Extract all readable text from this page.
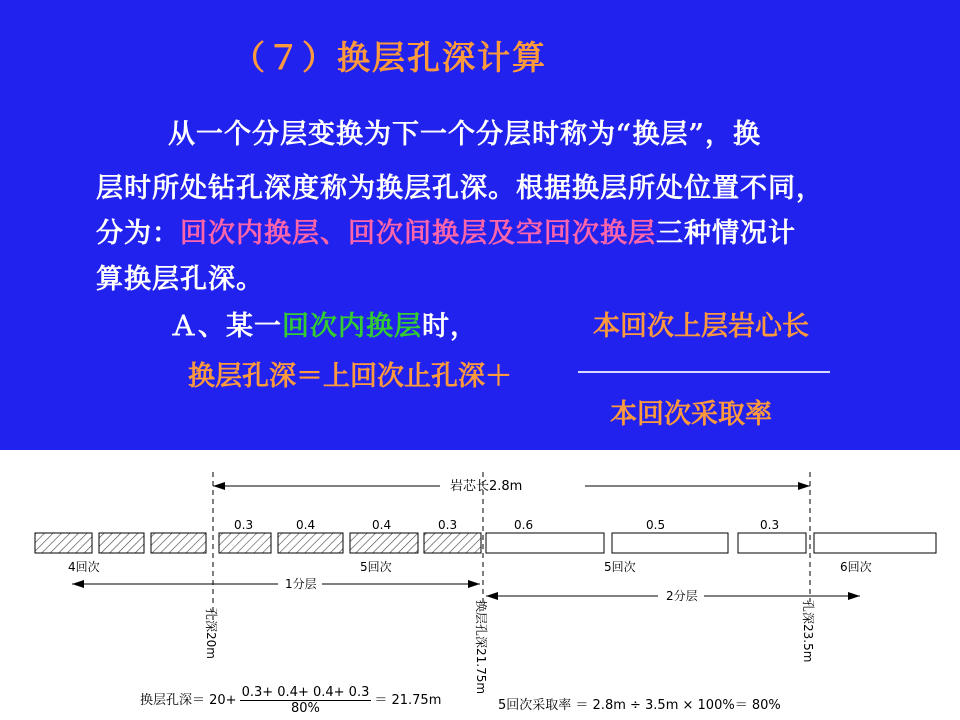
（７）换层孔深计算
从一个分层变换为下一个分层时称为“换层”，换
层时所处钻孔深度称为换层孔深。根据换层所处位置不同，
分为：回次内换层、回次间换层及空回次换层三种情况计
算换层孔深。
Ａ、某一回次内换层时，	本回次上层岩心长
换层孔深＝上回次止孔深＋
本回次采取率
岩芯长2.8m
0.3	0.4	0.4	0.3	0.6	0.5	0.3
4回次	5回次	5回次	6回次
1分层
2分层
孔深20m	换层孔深21.75m	孔深23.5m
换层孔深＝ $20+ \frac{0.3+ 0.4+ 0.4+ 0.3}{80\%} = 21.75m$	5回次采取率 ＝ 2.8m ÷ 3.5m × 100%＝ 80%
